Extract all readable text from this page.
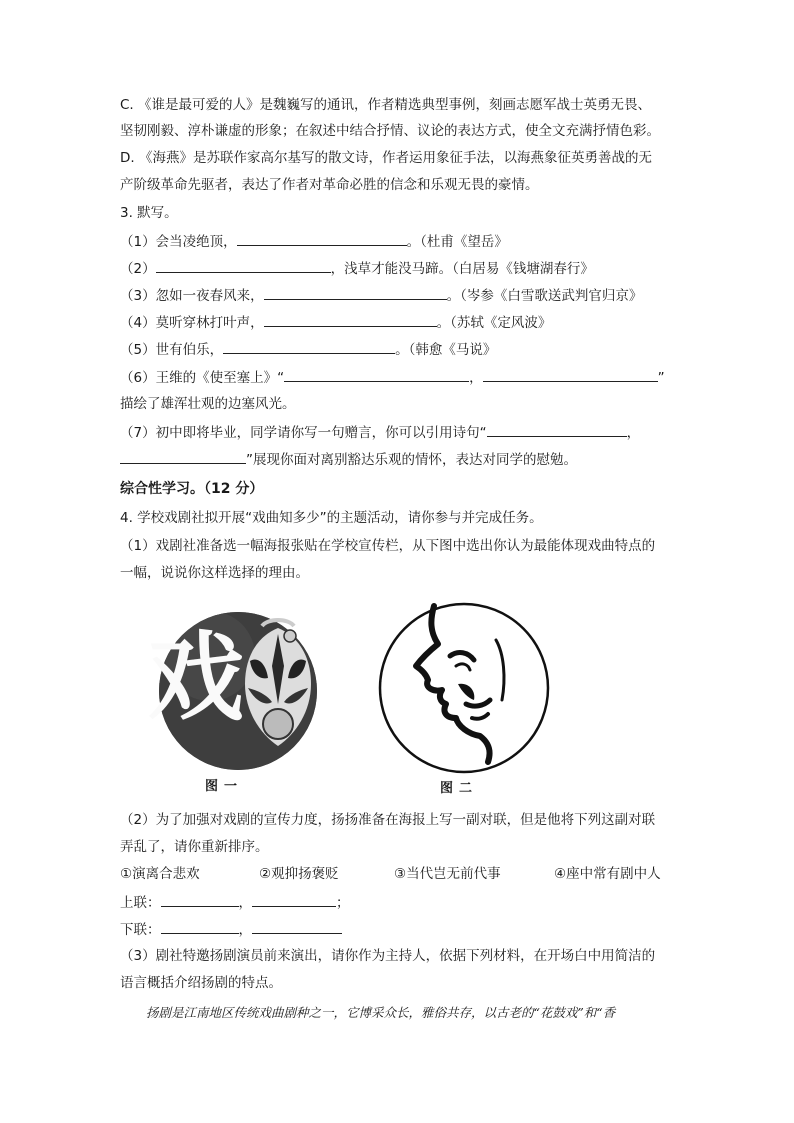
C. 《谁是最可爱的人》是魏巍写的通讯，作者精选典型事例，刻画志愿军战士英勇无畏、
坚韧刚毅、淳朴谦虚的形象；在叙述中结合抒情、议论的表达方式，使全文充满抒情色彩。
D. 《海燕》是苏联作家高尔基写的散文诗，作者运用象征手法，以海燕象征英勇善战的无
产阶级革命先驱者，表达了作者对革命必胜的信念和乐观无畏的豪情。
3. 默写。
（1）会当凌绝顶，	。（杜甫《望岳》
（2）	，浅草才能没马蹄。（白居易《钱塘湖春行》
（3）忽如一夜春风来，	。（岑参《白雪歌送武判官归京》
（4）莫听穿林打叶声，	。（苏轼《定风波》
（5）世有伯乐，	。（韩愈《马说》
（6）王维的《使至塞上》“	，	”
描绘了雄浑壮观的边塞风光。
（7）初中即将毕业，同学请你写一句赠言，你可以引用诗句“	，
”展现你面对离别豁达乐观的情怀，表达对同学的慰勉。
综合性学习。（12 分）
4. 学校戏剧社拟开展“戏曲知多少”的主题活动，请你参与并完成任务。
（1）戏剧社准备选一幅海报张贴在学校宣传栏，从下图中选出你认为最能体现戏曲特点的
一幅，说说你这样选择的理由。
戏
图一	图二
（2）为了加强对戏剧的宣传力度，扬扬准备在海报上写一副对联，但是他将下列这副对联
弄乱了，请你重新排序。
①演离合悲欢	②观抑扬褒贬	③当代岂无前代事	④座中常有剧中人
上联：	，	；
下联：	，
（3）剧社特邀扬剧演员前来演出，请你作为主持人，依据下列材料，在开场白中用简洁的
语言概括介绍扬剧的特点。
扬剧是江南地区传统戏曲剧种之一，它博采众长，雅俗共存，以古老的“花鼓戏”和“香
